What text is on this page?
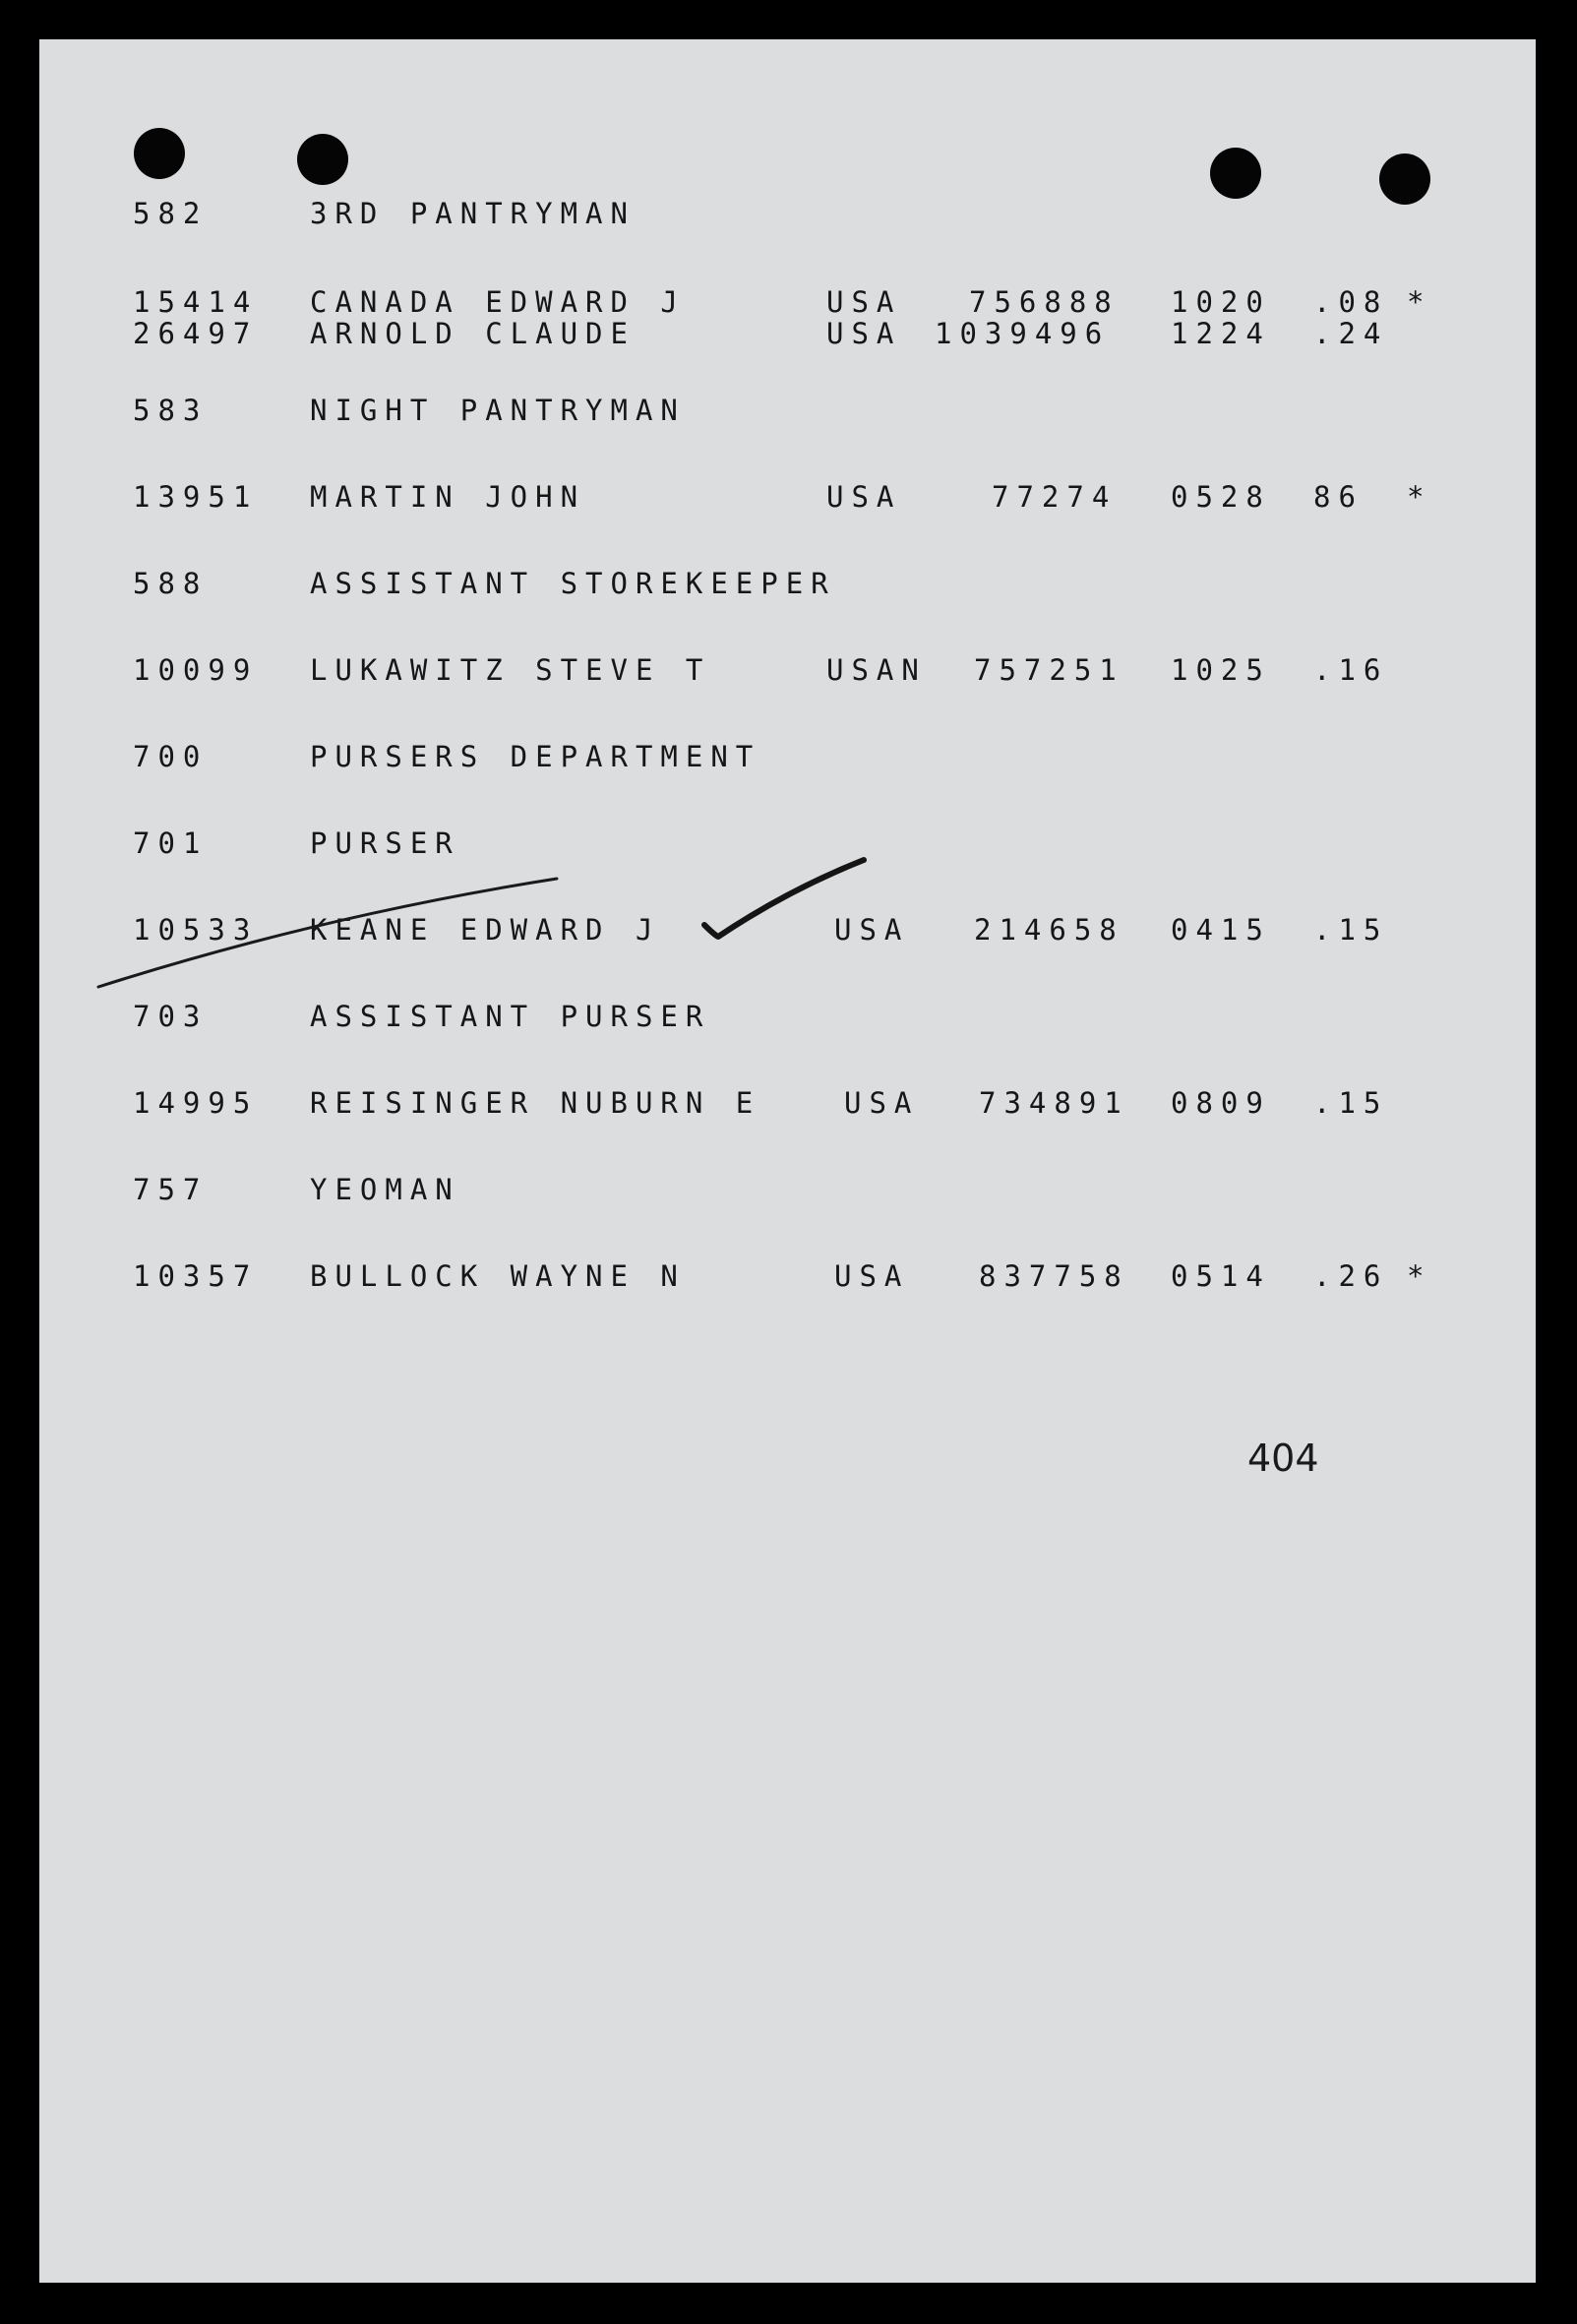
582	3RD PANTRYMAN
15414 CANADA EDWARD J	USA 756888 1020 .08 *
26497 ARNOLD CLAUDE	USA 1039496 1224 .24
583	NIGHT PANTRYMAN
13951 MARTIN JOHN	USA	77274 0528 86 *
588	ASSISTANT STOREKEEPER
10099 LUKAWITZ STEVE T	USAN 757251 1025 .16
700	PURSERS DEPARTMENT
701	PURSER
10533 KEANE EDWARD J	USA 214658 0415 .15
703	ASSISTANT PURSER
14995 REISINGER NUBURN E	USA 734891 0809 .15
757	YEOMAN
10357 BULLOCK WAYNE N	USA 837758 0514 .26 *
404
